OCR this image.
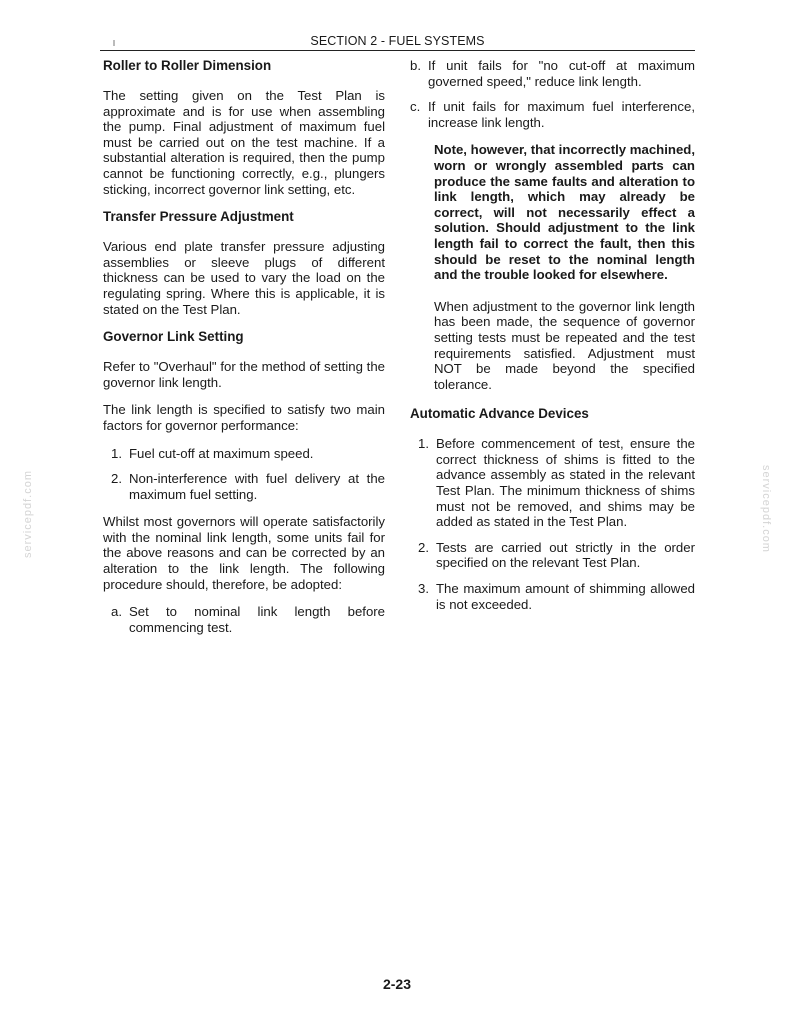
SECTION 2 - FUEL SYSTEMS
Roller to Roller Dimension

The setting given on the Test Plan is approximate and is for use when assembling the pump. Final adjustment of maximum fuel must be carried out on the test machine. If a substantial alteration is required, then the pump cannot be functioning correctly, e.g., plungers sticking, incorrect governor link setting, etc.

Transfer Pressure Adjustment

Various end plate transfer pressure adjusting assemblies or sleeve plugs of different thickness can be used to vary the load on the regulating spring. Where this is applicable, it is stated on the Test Plan.

Governor Link Setting

Refer to "Overhaul" for the method of setting the governor link length.

The link length is specified to satisfy two main factors for governor performance:

1. Fuel cut-off at maximum speed.
2. Non-interference with fuel delivery at the maximum fuel setting.

Whilst most governors will operate satisfactorily with the nominal link length, some units fail for the above reasons and can be corrected by an alteration to the link length. The following procedure should, therefore, be adopted:

a. Set to nominal link length before commencing test.
b. If unit fails for "no cut-off at maximum governed speed," reduce link length.
c. If unit fails for maximum fuel interference, increase link length.

Note, however, that incorrectly machined, worn or wrongly assembled parts can produce the same faults and alteration to link length, which may already be correct, will not necessarily effect a solution. Should adjustment to the link length fail to correct the fault, then this should be reset to the nominal length and the trouble looked for elsewhere.

When adjustment to the governor link length has been made, the sequence of governor setting tests must be repeated and the test requirements satisfied. Adjustment must NOT be made beyond the specified tolerance.

Automatic Advance Devices
1. Before commencement of test, ensure the correct thickness of shims is fitted to the advance assembly as stated in the relevant Test Plan. The minimum thickness of shims must not be removed, and shims may be added as stated in the Test Plan.
2. Tests are carried out strictly in the order specified on the relevant Test Plan.
3. The maximum amount of shimming allowed is not exceeded.
servicepdf.com	servicepdf.com
2-23
